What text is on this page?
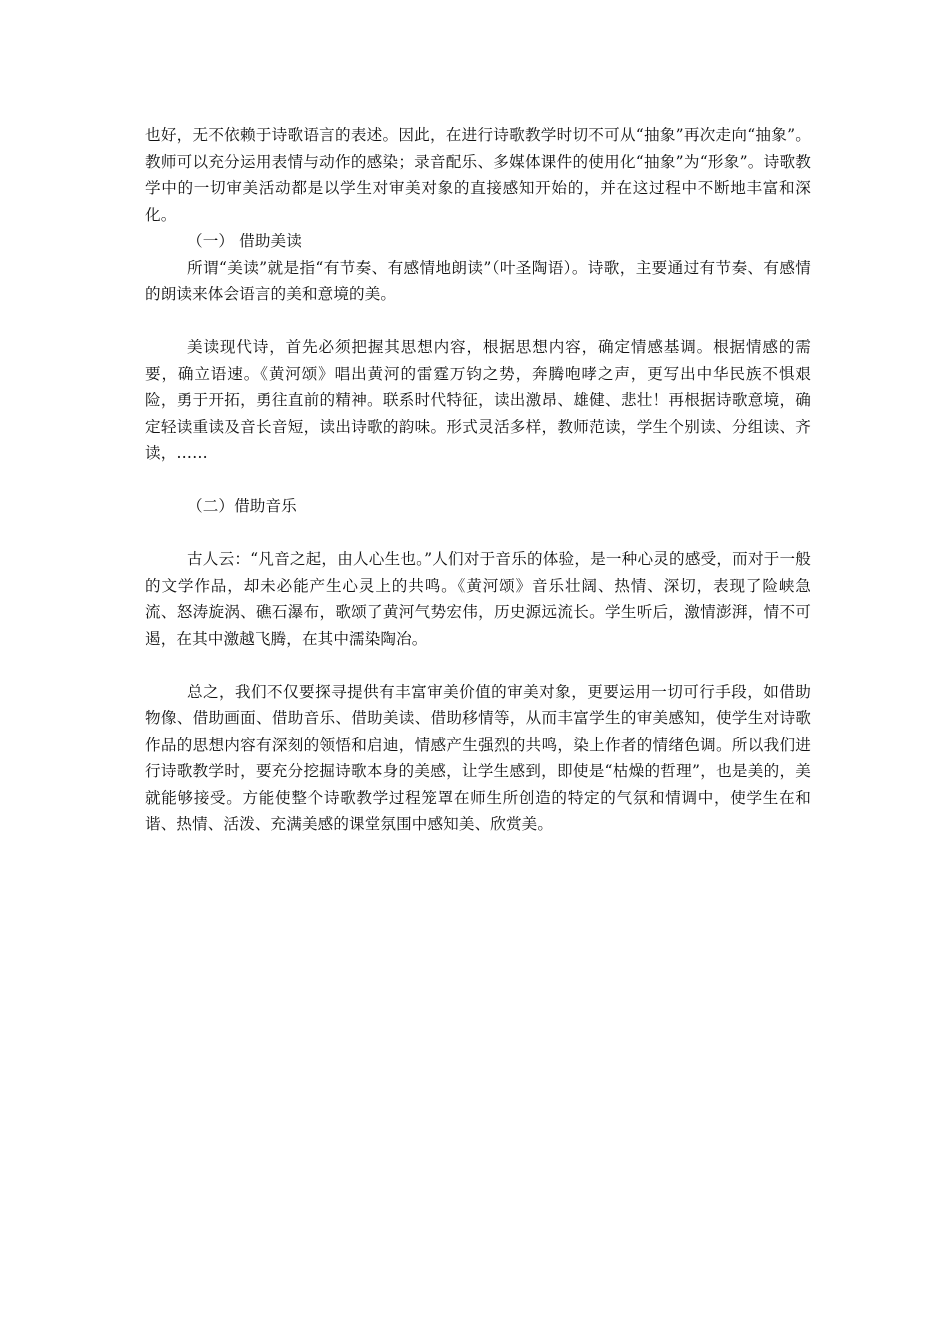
也好，无不依赖于诗歌语言的表述。因此，在进行诗歌教学时切不可从“抽象”再次走向“抽象”。教师可以充分运用表情与动作的感染；录音配乐、多媒体课件的使用化“抽象”为“形象”。诗歌教学中的一切审美活动都是以学生对审美对象的直接感知开始的，并在这过程中不断地丰富和深化。

（一） 借助美读

所谓“美读”就是指“有节奏、有感情地朗读”（叶圣陶语）。诗歌，主要通过有节奏、有感情的朗读来体会语言的美和意境的美。

美读现代诗，首先必须把握其思想内容，根据思想内容，确定情感基调。根据情感的需要，确立语速。《黄河颂》唱出黄河的雷霆万钧之势，奔腾咆哮之声，更写出中华民族不惧艰险，勇于开拓，勇往直前的精神。联系时代特征，读出激昂、雄健、悲壮！再根据诗歌意境，确定轻读重读及音长音短，读出诗歌的韵味。形式灵活多样，教师范读，学生个别读、分组读、齐读，……

（二）借助音乐

古人云：“凡音之起，由人心生也。”人们对于音乐的体验，是一种心灵的感受，而对于一般的文学作品，却未必能产生心灵上的共鸣。《黄河颂》音乐壮阔、热情、深切，表现了险峡急流、怒涛旋涡、礁石瀑布，歌颂了黄河气势宏伟，历史源远流长。学生听后，激情澎湃，情不可遏，在其中激越飞腾，在其中濡染陶冶。

总之，我们不仅要探寻提供有丰富审美价值的审美对象，更要运用一切可行手段，如借助物像、借助画面、借助音乐、借助美读、借助移情等，从而丰富学生的审美感知，使学生对诗歌作品的思想内容有深刻的领悟和启迪，情感产生强烈的共鸣，染上作者的情绪色调。所以我们进行诗歌教学时，要充分挖掘诗歌本身的美感，让学生感到，即使是“枯燥的哲理”，也是美的，美就能够接受。方能使整个诗歌教学过程笼罩在师生所创造的特定的气氛和情调中，使学生在和谐、热情、活泼、充满美感的课堂氛围中感知美、欣赏美。
